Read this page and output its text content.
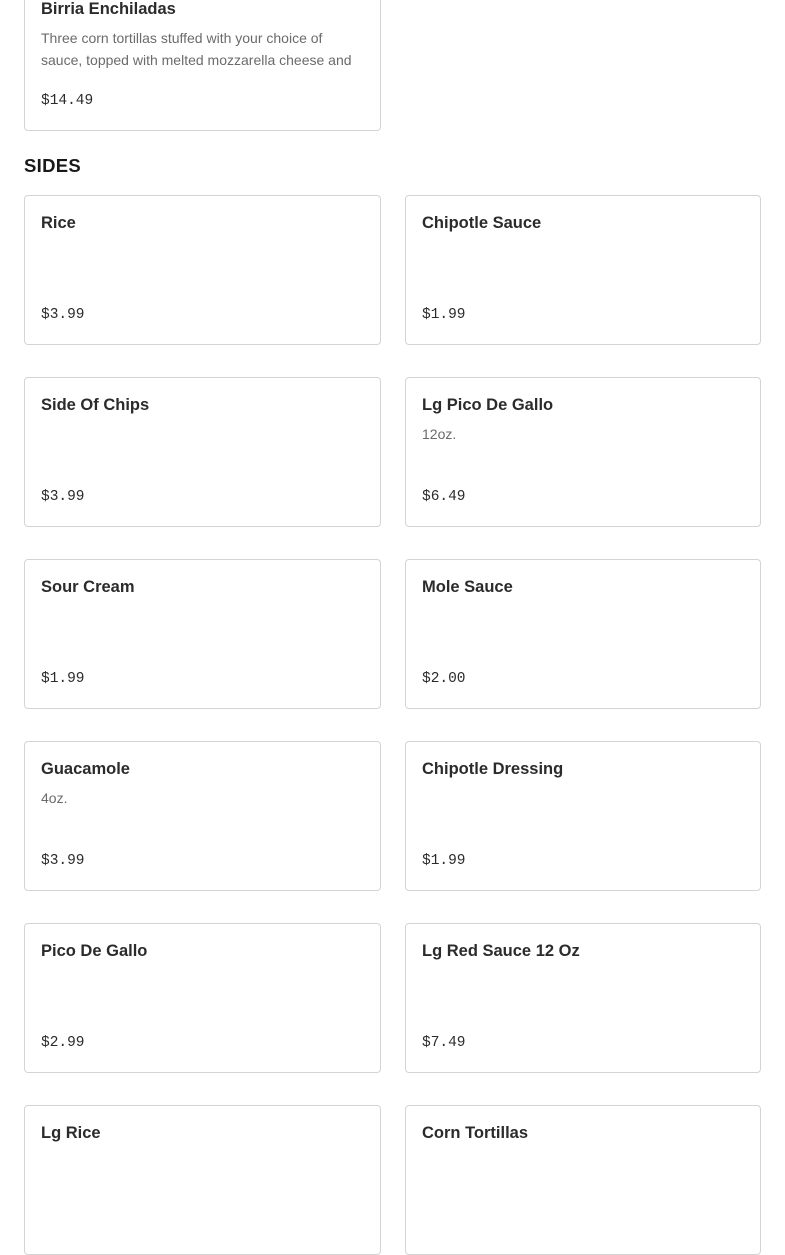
Birria Enchiladas
Three corn tortillas stuffed with your choice of sauce, topped with melted mozzarella cheese and
$14.49
SIDES
Rice
$3.99
Chipotle Sauce
$1.99
Side Of Chips
$3.99
Lg Pico De Gallo
12oz.
$6.49
Sour Cream
$1.99
Mole Sauce
$2.00
Guacamole
4oz.
$3.99
Chipotle Dressing
$1.99
Pico De Gallo
$2.99
Lg Red Sauce 12 Oz
$7.49
Lg Rice	Corn Tortillas
